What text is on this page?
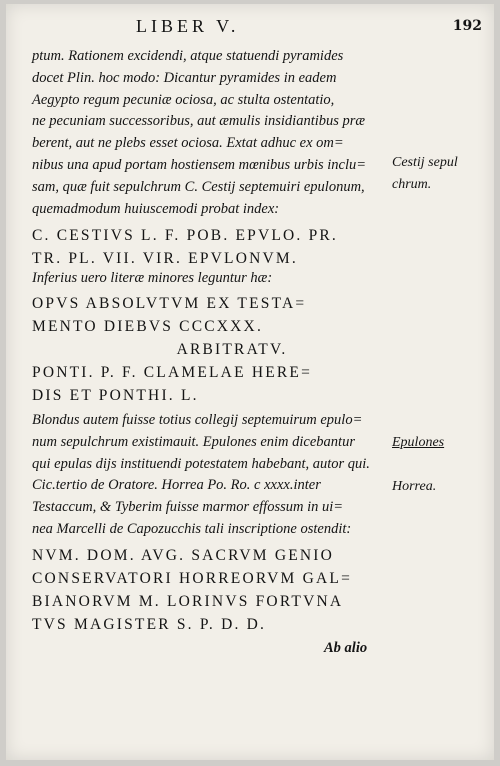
LIBER V.	192
ptum. Rationem excidendi, atque statuendi pyramides
docet Plin. hoc modo: Dicantur pyramides in eadem
Aegypto regum pecuniæ ociosa, ac stulta ostentatio,
ne pecuniam successoribus, aut æmulis insidiantibus præ
berent, aut ne plebs esset ociosa. Extat adhuc ex om=
nibus una apud portam hostiensem mœnibus urbis inclu=
sam, quæ fuit sepulchrum C. Cestij septemuiri epulonum,
quemadmodum huiuscemodi probat index:
Cestij sepul
chrum.
C. CESTIVS L. F. POB. EPVLO. PR.
TR. PL. VII. VIR. EPVLONVM.
Inferius uero literæ minores leguntur hæ:
OPVS ABSOLVTVM EX TESTA=
MENTO DIEBVS CCCXXX.
ARBITRATV.
PONTI. P. F. CLAMELAE HERE=
DIS ET PONTHI. L.
Blondus autem fuisse totius collegij septemuirum epulo=
num sepulchrum existimauit. Epulones enim dicebantur
qui epulas dijs instituendi potestatem habebant, autor qui.
Cic.tertio de Oratore. Horrea Po. Ro. c xxxx.inter
Testaccum, & Tyberim fuisse marmor effossum in ui=
nea Marcelli de Capozucchis tali inscriptione ostendit:
Epulones
Horrea.
NVM. DOM. AVG. SACRVM GENIO
CONSERVATORI HORREORVM GAL=
BIANORVM M. LORINVS FORTVNA
TVS MAGISTER S. P. D. D.
Ab alio
